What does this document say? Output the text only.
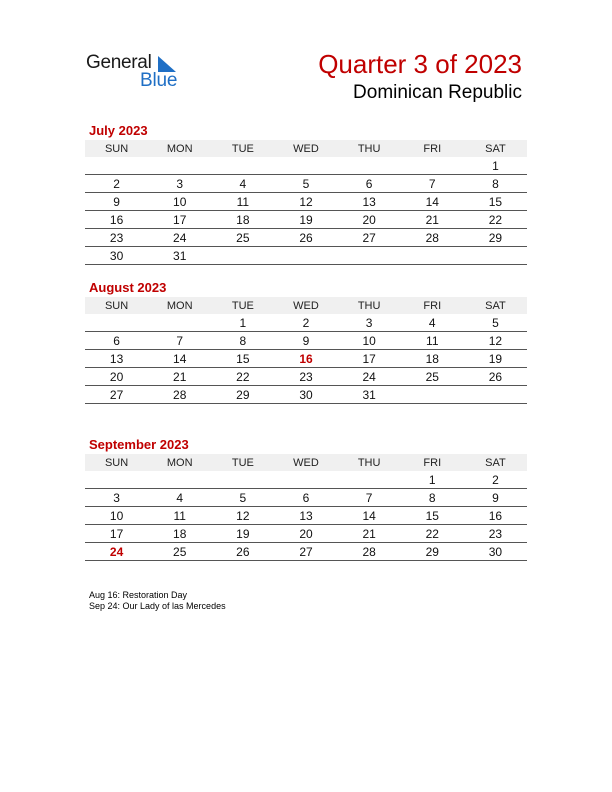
General
Blue
Quarter 3 of 2023
Dominican Republic
July 2023
SUN	MON	TUE	WED	THU	FRI	SAT
						1
2	3	4	5	6	7	8
9	10	11	12	13	14	15
16	17	18	19	20	21	22
23	24	25	26	27	28	29
30	31					
August 2023
SUN	MON	TUE	WED	THU	FRI	SAT
		1	2	3	4	5
6	7	8	9	10	11	12
13	14	15	16	17	18	19
20	21	22	23	24	25	26
27	28	29	30	31		
September 2023
SUN	MON	TUE	WED	THU	FRI	SAT
					1	2
3	4	5	6	7	8	9
10	11	12	13	14	15	16
17	18	19	20	21	22	23
24	25	26	27	28	29	30
Aug 16: Restoration Day
Sep 24: Our Lady of las Mercedes
